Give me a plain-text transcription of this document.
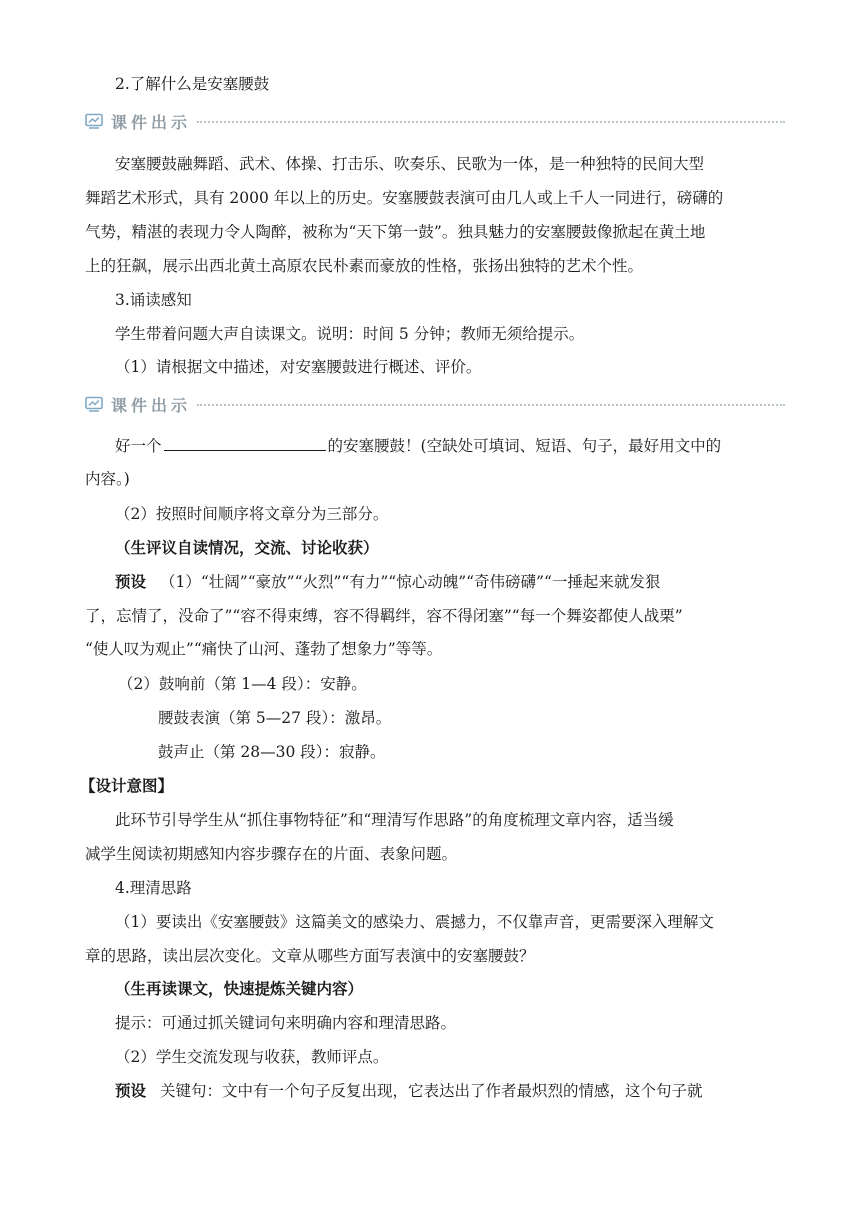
2.了解什么是安塞腰鼓
课件出示
安塞腰鼓融舞蹈、武术、体操、打击乐、吹奏乐、民歌为一体，是一种独特的民间大型
舞蹈艺术形式，具有 2000 年以上的历史。安塞腰鼓表演可由几人或上千人一同进行，磅礴的
气势，精湛的表现力令人陶醉，被称为“天下第一鼓”。独具魅力的安塞腰鼓像掀起在黄土地
上的狂飙，展示出西北黄土高原农民朴素而豪放的性格，张扬出独特的艺术个性。
3.诵读感知
学生带着问题大声自读课文。说明：时间 5 分钟；教师无须给提示。
（1）请根据文中描述，对安塞腰鼓进行概述、评价。
课件出示
好一个	的安塞腰鼓！(空缺处可填词、短语、句子，最好用文中的
内容。)
（2）按照时间顺序将文章分为三部分。
（生评议自读情况，交流、讨论收获）
预设 （1）“壮阔”“豪放”“火烈”“有力”“惊心动魄”“奇伟磅礴”“一捶起来就发狠
了，忘情了，没命了”“容不得束缚，容不得羁绊，容不得闭塞”“每一个舞姿都使人战栗”
“使人叹为观止”“痛快了山河、蓬勃了想象力”等等。
（2）鼓响前（第 1—4 段）：安静。
腰鼓表演（第 5—27 段）：激昂。
鼓声止（第 28—30 段）：寂静。
【设计意图】
此环节引导学生从“抓住事物特征”和“理清写作思路”的角度梳理文章内容，适当缓
减学生阅读初期感知内容步骤存在的片面、表象问题。
4.理清思路
（1）要读出《安塞腰鼓》这篇美文的感染力、震撼力，不仅靠声音，更需要深入理解文
章的思路，读出层次变化。文章从哪些方面写表演中的安塞腰鼓？
（生再读课文，快速提炼关键内容）
提示：可通过抓关键词句来明确内容和理清思路。
（2）学生交流发现与收获，教师评点。
预设 关键句：文中有一个句子反复出现，它表达出了作者最炽烈的情感，这个句子就
